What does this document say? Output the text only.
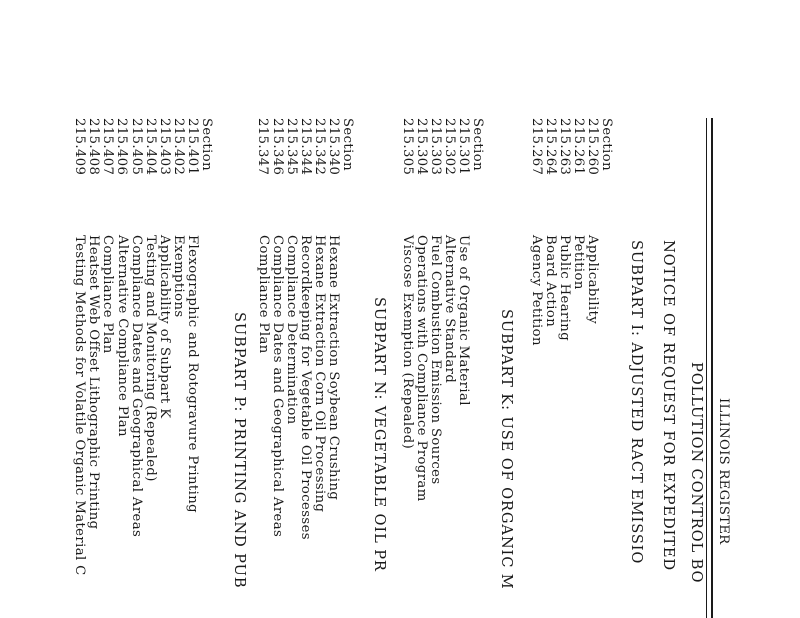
ILLINOIS REGISTER
POLLUTION CONTROL BO
NOTICE OF REQUEST FOR EXPEDITED
SUBPART I: ADJUSTED RACT EMISSIO
Section
215.260
215.261
215.263
215.264
215.267
Applicability
Petition
Public Hearing
Board Action
Agency Petition
SUBPART K: USE OF ORGANIC M
Section
215.301
215.302
215.303
215.304
215.305
Use of Organic Material
Alternative Standard
Fuel Combustion Emission Sources
Operations with Compliance Program
Viscose Exemption (Repealed)
SUBPART N: VEGETABLE OIL PR
Section
215.340
215.342
215.344
215.345
215.346
215.347
Hexane Extraction Soybean Crushing
Hexane Extraction Corn Oil Processing
Recordkeeping for Vegetable Oil Processes
Compliance Determination
Compliance Dates and Geographical Areas
Compliance Plan
SUBPART P: PRINTING AND PUB
Section
215.401
215.402
215.403
215.404
215.405
215.406
215.407
215.408
215.409
Flexographic and Rotogravure Printing
Exemptions
Applicability of Subpart K
Testing and Monitoring (Repealed)
Compliance Dates and Geographical Areas
Alternative Compliance Plan
Compliance Plan
Heatset Web Offset Lithographic Printing
Testing Methods for Volatile Organic Material C
